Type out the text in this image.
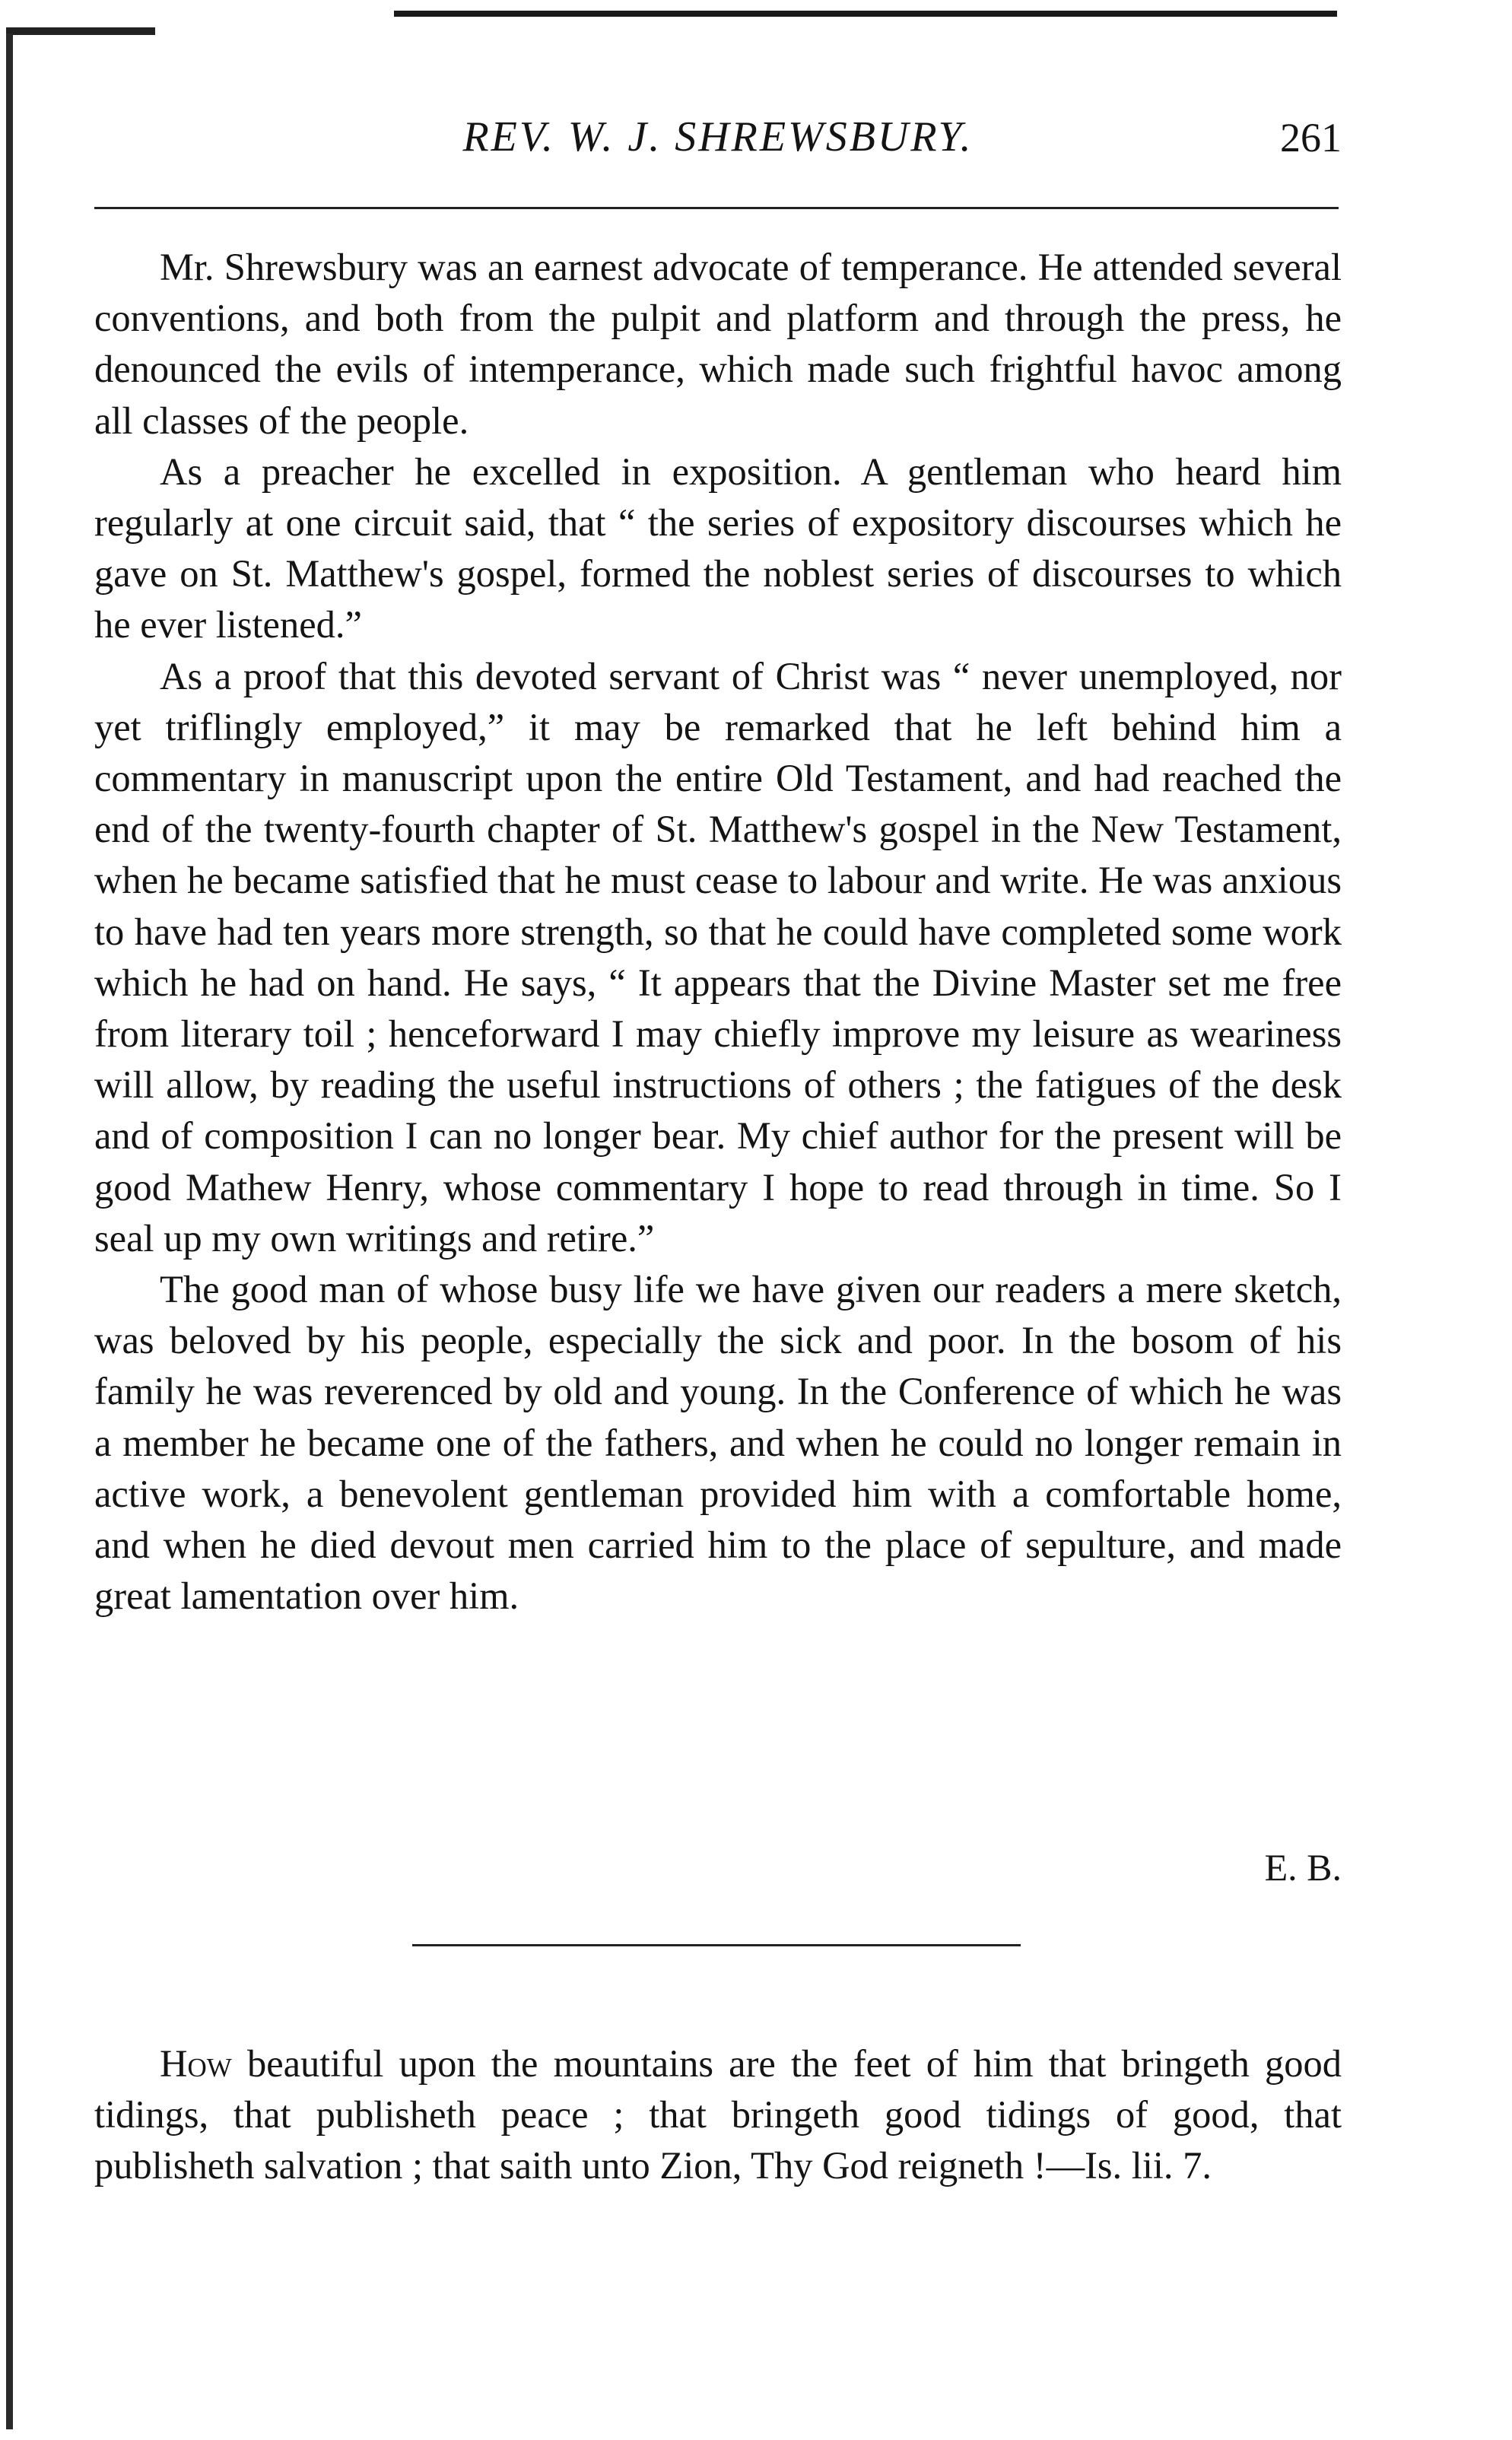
REV. W. J. SHREWSBURY.	261

Mr. Shrewsbury was an earnest advocate of temperance. He attended several conventions, and both from the pulpit and platform and through the press, he denounced the evils of intemperance, which made such frightful havoc among all classes of the people.

As a preacher he excelled in exposition. A gentleman who heard him regularly at one circuit said, that “ the series of expository discourses which he gave on St. Matthew's gospel, formed the noblest series of discourses to which he ever listened.”

As a proof that this devoted servant of Christ was “ never unemployed, nor yet triflingly employed,” it may be remarked that he left behind him a commentary in manuscript upon the entire Old Testament, and had reached the end of the twenty-fourth chapter of St. Matthew's gospel in the New Testament, when he became satisfied that he must cease to labour and write. He was anxious to have had ten years more strength, so that he could have completed some work which he had on hand. He says, “ It appears that the Divine Master set me free from literary toil ; henceforward I may chiefly improve my leisure as weariness will allow, by reading the useful instructions of others ; the fatigues of the desk and of composition I can no longer bear. My chief author for the present will be good Mathew Henry, whose commentary I hope to read through in time. So I seal up my own writings and retire.”

The good man of whose busy life we have given our readers a mere sketch, was beloved by his people, especially the sick and poor. In the bosom of his family he was reverenced by old and young. In the Conference of which he was a member he became one of the fathers, and when he could no longer remain in active work, a benevolent gentleman provided him with a comfortable home, and when he died devout men carried him to the place of sepulture, and made great lamentation over him.

E. B.

How beautiful upon the mountains are the feet of him that bringeth good tidings, that publisheth peace ; that bringeth good tidings of good, that publisheth salvation ; that saith unto Zion, Thy God reigneth !—Is. lii. 7.
